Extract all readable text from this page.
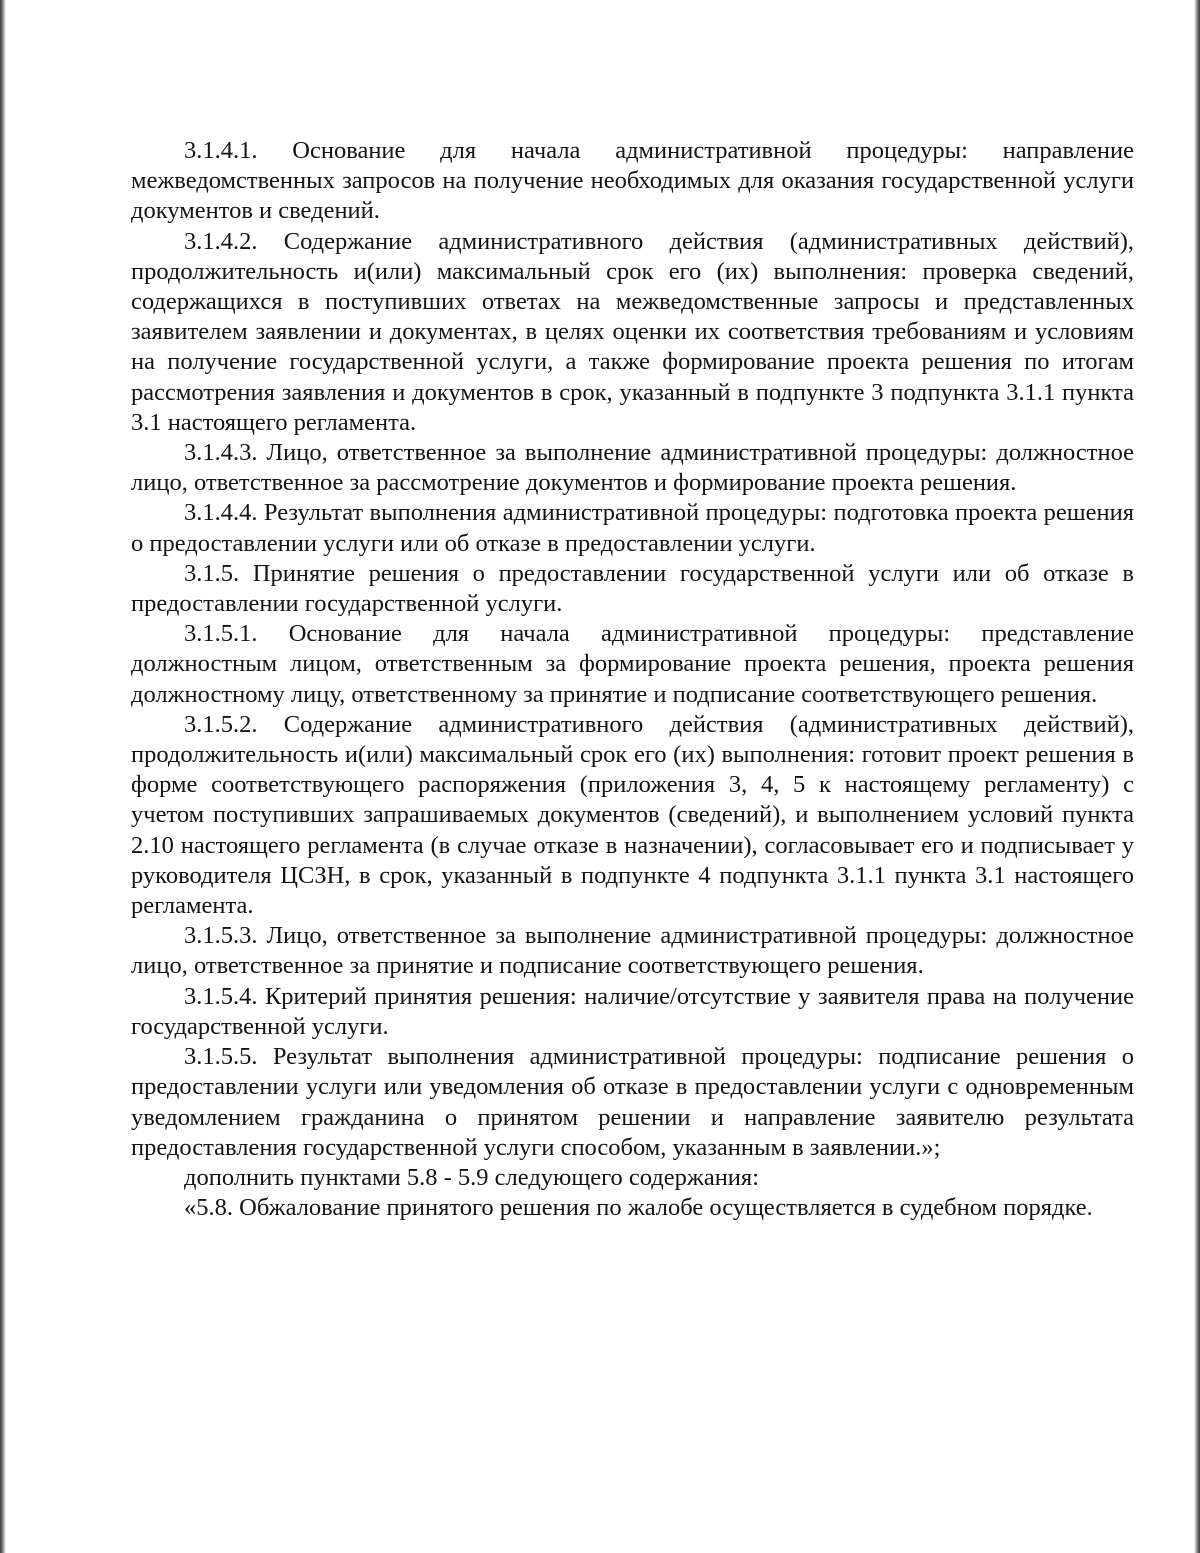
3.1.4.1. Основание для начала административной процедуры: направление межведомственных запросов на получение необходимых для оказания государственной услуги документов и сведений.

3.1.4.2. Содержание административного действия (административных действий), продолжительность и(или) максимальный срок его (их) выполнения: проверка сведений, содержащихся в поступивших ответах на межведомственные запросы и представленных заявителем заявлении и документах, в целях оценки их соответствия требованиям и условиям на получение государственной услуги, а также формирование проекта решения по итогам рассмотрения заявления и документов в срок, указанный в подпункте 3 подпункта 3.1.1 пункта 3.1 настоящего регламента.

3.1.4.3. Лицо, ответственное за выполнение административной процедуры: должностное лицо, ответственное за рассмотрение документов и формирование проекта решения.

3.1.4.4. Результат выполнения административной процедуры: подготовка проекта решения о предоставлении услуги или об отказе в предоставлении услуги.

3.1.5. Принятие решения о предоставлении государственной услуги или об отказе в предоставлении государственной услуги.

3.1.5.1. Основание для начала административной процедуры: представление должностным лицом, ответственным за формирование проекта решения, проекта решения должностному лицу, ответственному за принятие и подписание соответствующего решения.

3.1.5.2. Содержание административного действия (административных действий), продолжительность и(или) максимальный срок его (их) выполнения: готовит проект решения в форме соответствующего распоряжения (приложения 3, 4, 5 к настоящему регламенту) с учетом поступивших запрашиваемых документов (сведений), и выполнением условий пункта 2.10 настоящего регламента (в случае отказе в назначении), согласовывает его и подписывает у руководителя ЦСЗН, в срок, указанный в подпункте 4 подпункта 3.1.1 пункта 3.1 настоящего регламента.

3.1.5.3. Лицо, ответственное за выполнение административной процедуры: должностное лицо, ответственное за принятие и подписание соответствующего решения.

3.1.5.4. Критерий принятия решения: наличие/отсутствие у заявителя права на получение государственной услуги.

3.1.5.5. Результат выполнения административной процедуры: подписание решения о предоставлении услуги или уведомления об отказе в предоставлении услуги с одновременным уведомлением гражданина о принятом решении и направление заявителю результата предоставления государственной услуги способом, указанным в заявлении.»;

дополнить пунктами 5.8 - 5.9 следующего содержания:

«5.8. Обжалование принятого решения по жалобе осуществляется в судебном порядке.
